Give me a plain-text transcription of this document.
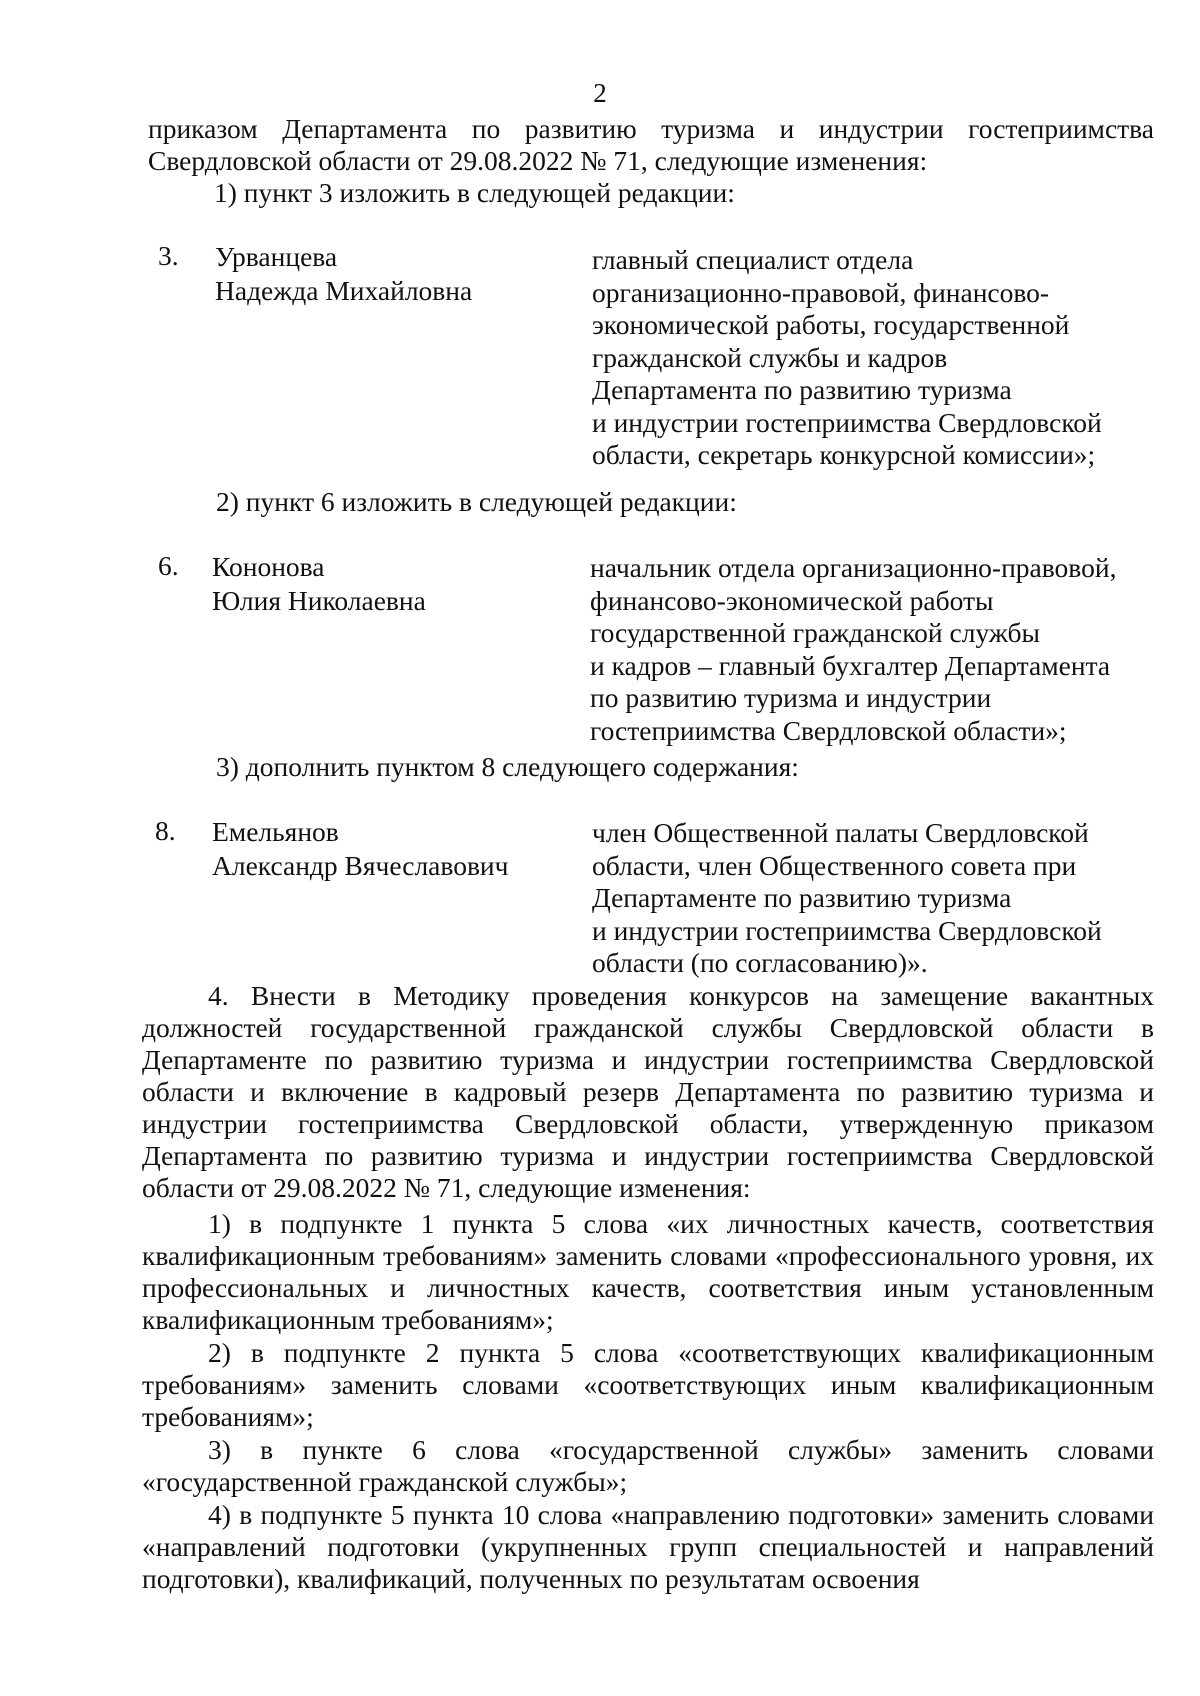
2

приказом Департамента по развитию туризма и индустрии гостеприимства

Свердловской области от 29.08.2022 № 71, следующие изменения:

1) пункт 3 изложить в следующей редакции:

3. Урванцева
Надежда Михайловна
главный специалист отдела
организационно-правовой, финансово-
экономической работы, государственной
гражданской службы и кадров
Департамента по развитию туризма
и индустрии гостеприимства Свердловской
области, секретарь конкурсной комиссии»;

2) пункт 6 изложить в следующей редакции:

6. Кононова
Юлия Николаевна
начальник отдела организационно-правовой,
финансово-экономической работы
государственной гражданской службы
и кадров – главный бухгалтер Департамента
по развитию туризма и индустрии
гостеприимства Свердловской области»;

3) дополнить пунктом 8 следующего содержания:

8. Емельянов
Александр Вячеславович
член Общественной палаты Свердловской
области, член Общественного совета при
Департаменте по развитию туризма
и индустрии гостеприимства Свердловской
области (по согласованию)».

4. Внести в Методику проведения конкурсов на замещение вакантных должностей государственной гражданской службы Свердловской области в Департаменте по развитию туризма и индустрии гостеприимства Свердловской области и включение в кадровый резерв Департамента по развитию туризма и индустрии гостеприимства Свердловской области, утвержденную приказом Департамента по развитию туризма и индустрии гостеприимства Свердловской области от 29.08.2022 № 71, следующие изменения:

1) в подпункте 1 пункта 5 слова «их личностных качеств, соответствия квалификационным требованиям» заменить словами «профессионального уровня, их профессиональных и личностных качеств, соответствия иным установленным квалификационным требованиям»;

2) в подпункте 2 пункта 5 слова «соответствующих квалификационным требованиям» заменить словами «соответствующих иным квалификационным требованиям»;

3) в пункте 6 слова «государственной службы» заменить словами «государственной гражданской службы»;

4) в подпункте 5 пункта 10 слова «направлению подготовки» заменить словами «направлений подготовки (укрупненных групп специальностей и направлений подготовки), квалификаций, полученных по результатам освоения
